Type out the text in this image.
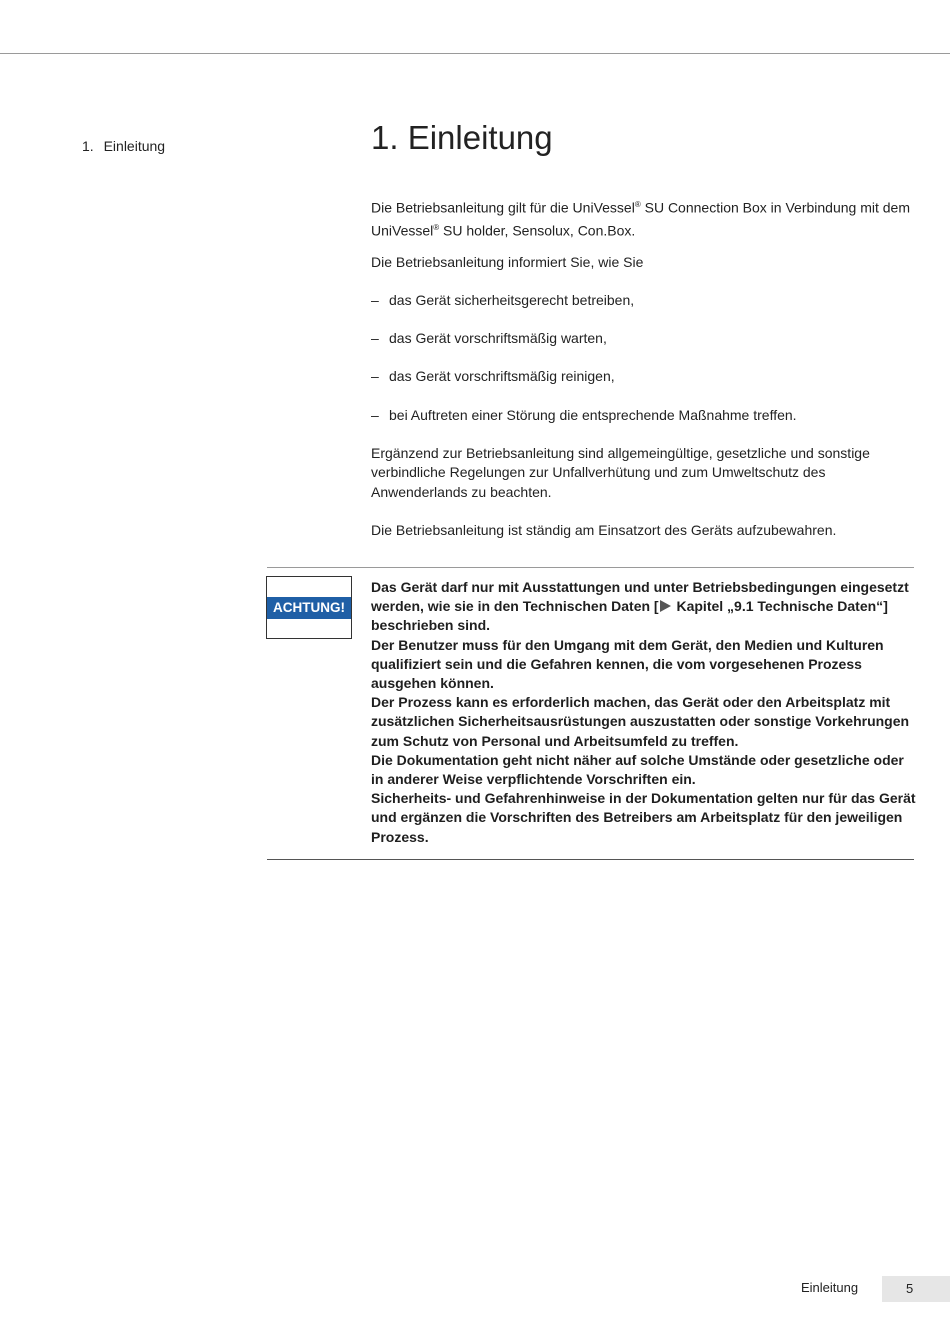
1. Einleitung	1. Einleitung

Die Betriebsanleitung gilt für die UniVessel® SU Connection Box in Verbindung mit dem UniVessel® SU holder, Sensolux, Con.Box.

Die Betriebsanleitung informiert Sie, wie Sie

– das Gerät sicherheitsgerecht betreiben,
– das Gerät vorschriftsmäßig warten,
– das Gerät vorschriftsmäßig reinigen,
– bei Auftreten einer Störung die entsprechende Maßnahme treffen.

Ergänzend zur Betriebsanleitung sind allgemeingültige, gesetzliche und sonstige verbindliche Regelungen zur Unfallverhütung und zum Umweltschutz des Anwenderlands zu beachten.

Die Betriebsanleitung ist ständig am Einsatzort des Geräts aufzubewahren.

ACHTUNG!

Das Gerät darf nur mit Ausstattungen und unter Betriebsbedingungen eingesetzt werden, wie sie in den Technischen Daten [ Kapitel „9.1 Technische Daten“] beschrieben sind.

Der Benutzer muss für den Umgang mit dem Gerät, den Medien und Kulturen qualifiziert sein und die Gefahren kennen, die vom vorgesehenen Prozess ausgehen können.

Der Prozess kann es erforderlich machen, das Gerät oder den Arbeitsplatz mit zusätzlichen Sicherheitsausrüstungen auszustatten oder sonstige Vorkehrungen zum Schutz von Personal und Arbeitsumfeld zu treffen.

Die Dokumentation geht nicht näher auf solche Umstände oder gesetzliche oder in anderer Weise verpflichtende Vorschriften ein.

Sicherheits- und Gefahrenhinweise in der Dokumentation gelten nur für das Gerät und ergänzen die Vorschriften des Betreibers am Arbeitsplatz für den jeweiligen Prozess.

Einleitung	5
